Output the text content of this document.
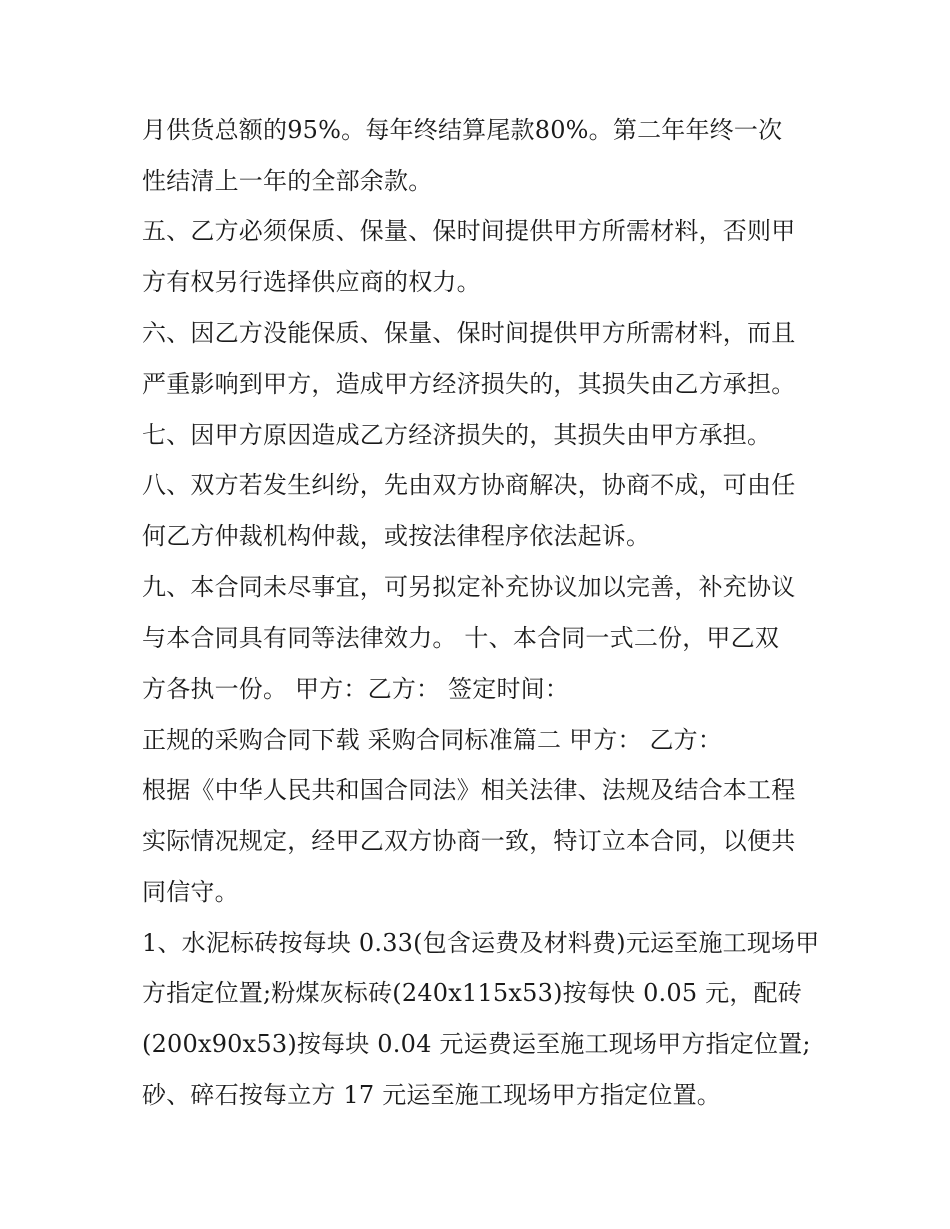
月供货总额的95%。每年终结算尾款80%。第二年年终一次
性结清上一年的全部余款。
五、乙方必须保质、保量、保时间提供甲方所需材料，否则甲
方有权另行选择供应商的权力。
六、因乙方没能保质、保量、保时间提供甲方所需材料，而且
严重影响到甲方，造成甲方经济损失的，其损失由乙方承担。
七、因甲方原因造成乙方经济损失的，其损失由甲方承担。
八、双方若发生纠纷，先由双方协商解决，协商不成，可由任
何乙方仲裁机构仲裁，或按法律程序依法起诉。
九、本合同未尽事宜，可另拟定补充协议加以完善，补充协议
与本合同具有同等法律效力。 十、本合同一式二份，甲乙双
方各执一份。 甲方：乙方： 签定时间：
正规的采购合同下载 采购合同标准篇二 甲方： 乙方：
根据《中华人民共和国合同法》相关法律、法规及结合本工程
实际情况规定，经甲乙双方协商一致，特订立本合同，以便共
同信守。
1、水泥标砖按每块 0.33(包含运费及材料费)元运至施工现场甲
方指定位置;粉煤灰标砖(240x115x53)按每快 0.05 元，配砖
(200x90x53)按每块 0.04 元运费运至施工现场甲方指定位置;
砂、碎石按每立方 17 元运至施工现场甲方指定位置。
